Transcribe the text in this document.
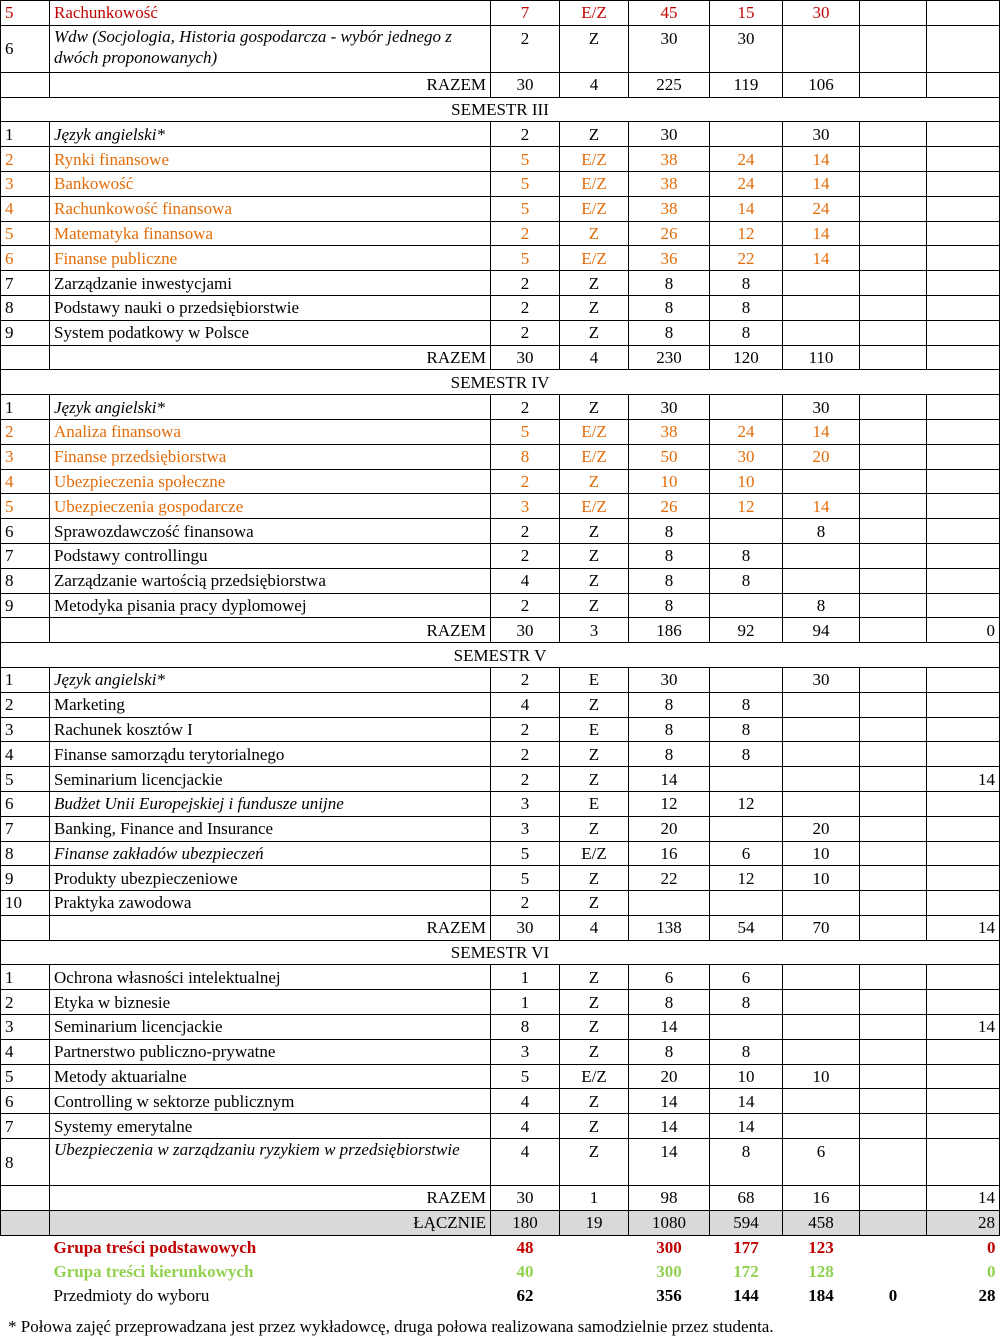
5	Rachunkowość	7	E/Z	45	15	30		
6	Wdw (Socjologia, Historia gospodarcza - wybór jednego z dwóch proponowanych)	2	Z	30	30			
	RAZEM	30	4	225	119	106		
SEMESTR III								
1	Język angielski*	2	Z	30		30		
2	Rynki finansowe	5	E/Z	38	24	14		
3	Bankowość	5	E/Z	38	24	14		
4	Rachunkowość finansowa	5	E/Z	38	14	24		
5	Matematyka finansowa	2	Z	26	12	14		
6	Finanse publiczne	5	E/Z	36	22	14		
7	Zarządzanie inwestycjami	2	Z	8	8			
8	Podstawy nauki o przedsiębiorstwie	2	Z	8	8			
9	System podatkowy w Polsce	2	Z	8	8			
	RAZEM	30	4	230	120	110		
SEMESTR IV								
1	Język angielski*	2	Z	30		30		
2	Analiza finansowa	5	E/Z	38	24	14		
3	Finanse przedsiębiorstwa	8	E/Z	50	30	20		
4	Ubezpieczenia społeczne	2	Z	10	10			
5	Ubezpieczenia gospodarcze	3	E/Z	26	12	14		
6	Sprawozdawczość finansowa	2	Z	8		8		
7	Podstawy controllingu	2	Z	8	8			
8	Zarządzanie wartością przedsiębiorstwa	4	Z	8	8			
9	Metodyka pisania pracy dyplomowej	2	Z	8		8		
	RAZEM	30	3	186	92	94		0
SEMESTR V								
1	Język angielski*	2	E	30		30		
2	Marketing	4	Z	8	8			
3	Rachunek kosztów I	2	E	8	8			
4	Finanse samorządu terytorialnego	2	Z	8	8			
5	Seminarium licencjackie	2	Z	14				14
6	Budżet Unii Europejskiej i fundusze unijne	3	E	12	12			
7	Banking, Finance and Insurance	3	Z	20		20		
8	Finanse zakładów ubezpieczeń	5	E/Z	16	6	10		
9	Produkty ubezpieczeniowe	5	Z	22	12	10		
10	Praktyka zawodowa	2	Z					
	RAZEM	30	4	138	54	70		14
SEMESTR VI								
1	Ochrona własności intelektualnej	1	Z	6	6			
2	Etyka w biznesie	1	Z	8	8			
3	Seminarium licencjackie	8	Z	14				14
4	Partnerstwo publiczno-prywatne	3	Z	8	8			
5	Metody aktuarialne	5	E/Z	20	10	10		
6	Controlling w sektorze publicznym	4	Z	14	14			
7	Systemy emerytalne	4	Z	14	14			
8	Ubezpieczenia w zarządzaniu ryzykiem w przedsiębiorstwie	4	Z	14	8	6		
	RAZEM	30	1	98	68	16		14
	ŁĄCZNIE	180	19	1080	594	458		28
	Grupa treści podstawowych	48		300	177	123		0
	Grupa treści kierunkowych	40		300	172	128		0
	Przedmioty do wyboru	62		356	144	184	0	28
* Połowa zajęć przeprowadzana jest przez wykładowcę, druga połowa realizowana samodzielnie przez studenta.
